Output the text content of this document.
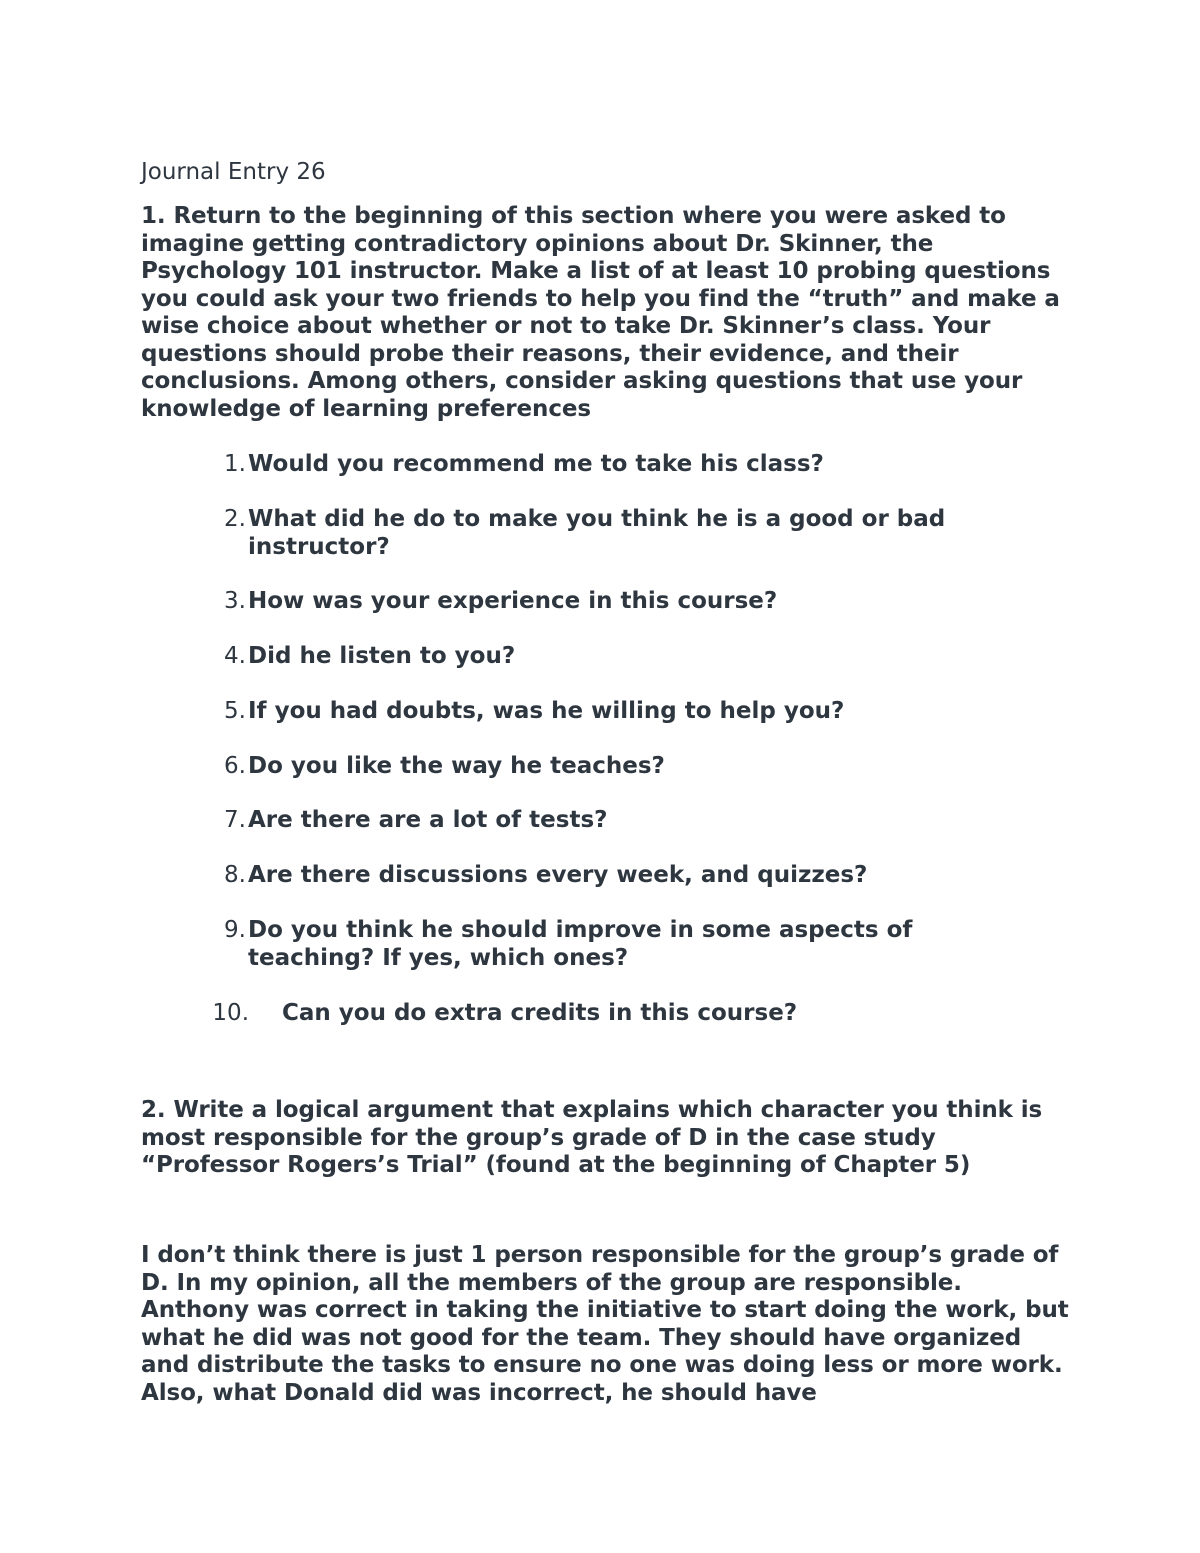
Journal Entry 26

1. Return to the beginning of this section where you were asked to imagine getting contradictory opinions about Dr. Skinner, the Psychology 101 instructor. Make a list of at least 10 probing questions you could ask your two friends to help you find the “truth” and make a wise choice about whether or not to take Dr. Skinner’s class. Your questions should probe their reasons, their evidence, and their conclusions. Among others, consider asking questions that use your knowledge of learning preferences

1. Would you recommend me to take his class?
2. What did he do to make you think he is a good or bad instructor?
3. How was your experience in this course?
4. Did he listen to you?
5. If you had doubts, was he willing to help you?
6. Do you like the way he teaches?
7. Are there are a lot of tests?
8. Are there discussions every week, and quizzes?
9. Do you think he should improve in some aspects of teaching? If yes, which ones?
10. Can you do extra credits in this course?

2. Write a logical argument that explains which character you think is most responsible for the group’s grade of D in the case study “Professor Rogers’s Trial” (found at the beginning of Chapter 5)

I don’t think there is just 1 person responsible for the group’s grade of D. In my opinion, all the members of the group are responsible. Anthony was correct in taking the initiative to start doing the work, but what he did was not good for the team. They should have organized and distribute the tasks to ensure no one was doing less or more work. Also, what Donald did was incorrect, he should have
